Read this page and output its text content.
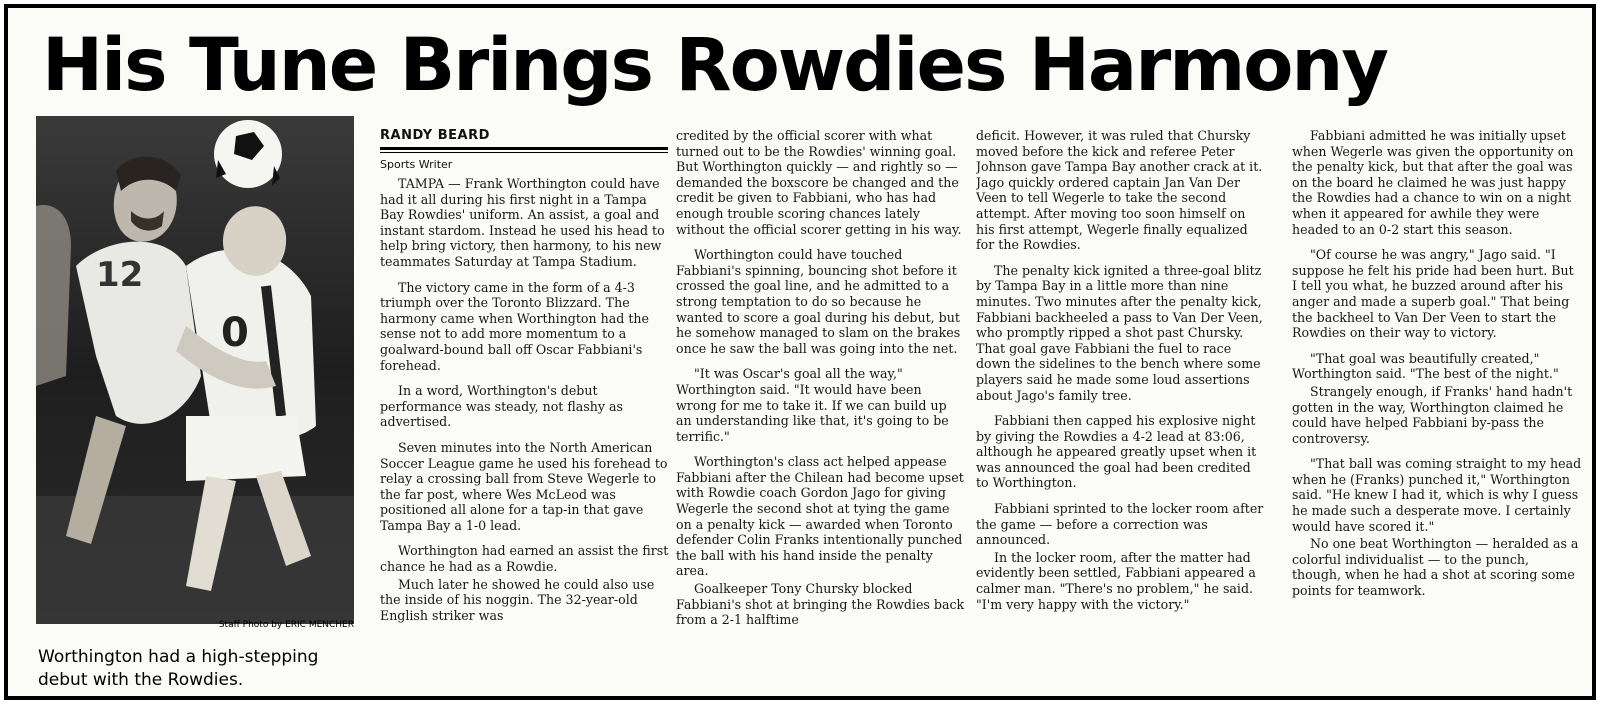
His Tune Brings Rowdies Harmony
0
12
Staff Photo by ERIC MENCHER
Worthington had a high-stepping debut with the Rowdies.
RANDY BEARD
Sports Writer

TAMPA — Frank Worthington could have had it all during his first night in a Tampa Bay Rowdies' uniform. An assist, a goal and instant stardom. Instead he used his head to help bring victory, then harmony, to his new teammates Saturday at Tampa Stadium.

The victory came in the form of a 4-3 triumph over the Toronto Blizzard. The harmony came when Worthington had the sense not to add more momentum to a goalward-bound ball off Oscar Fabbiani's forehead.

In a word, Worthington's debut performance was steady, not flashy as advertised.

Seven minutes into the North American Soccer League game he used his forehead to relay a crossing ball from Steve Wegerle to the far post, where Wes McLeod was positioned all alone for a tap-in that gave Tampa Bay a 1-0 lead.

Worthington had earned an assist the first chance he had as a Rowdie.

Much later he showed he could also use the inside of his noggin. The 32-year-old English striker was

credited by the official scorer with what turned out to be the Rowdies' winning goal. But Worthington quickly — and rightly so — demanded the boxscore be changed and the credit be given to Fabbiani, who has had enough trouble scoring chances lately without the official scorer getting in his way.

Worthington could have touched Fabbiani's spinning, bouncing shot before it crossed the goal line, and he admitted to a strong temptation to do so because he wanted to score a goal during his debut, but he somehow managed to slam on the brakes once he saw the ball was going into the net.

"It was Oscar's goal all the way," Worthington said. "It would have been wrong for me to take it. If we can build up an understanding like that, it's going to be terrific."

Worthington's class act helped appease Fabbiani after the Chilean had become upset with Rowdie coach Gordon Jago for giving Wegerle the second shot at tying the game on a penalty kick — awarded when Toronto defender Colin Franks intentionally punched the ball with his hand inside the penalty area.

Goalkeeper Tony Chursky blocked Fabbiani's shot at bringing the Rowdies back from a 2-1 halftime

deficit. However, it was ruled that Chursky moved before the kick and referee Peter Johnson gave Tampa Bay another crack at it. Jago quickly ordered captain Jan Van Der Veen to tell Wegerle to take the second attempt. After moving too soon himself on his first attempt, Wegerle finally equalized for the Rowdies.

The penalty kick ignited a three-goal blitz by Tampa Bay in a little more than nine minutes. Two minutes after the penalty kick, Fabbiani backheeled a pass to Van Der Veen, who promptly ripped a shot past Chursky. That goal gave Fabbiani the fuel to race down the sidelines to the bench where some players said he made some loud assertions about Jago's family tree.

Fabbiani then capped his explosive night by giving the Rowdies a 4-2 lead at 83:06, although he appeared greatly upset when it was announced the goal had been credited to Worthington.

Fabbiani sprinted to the locker room after the game — before a correction was announced.

In the locker room, after the matter had evidently been settled, Fabbiani appeared a calmer man. "There's no problem," he said. "I'm very happy with the victory."

Fabbiani admitted he was initially upset when Wegerle was given the opportunity on the penalty kick, but that after the goal was on the board he claimed he was just happy the Rowdies had a chance to win on a night when it appeared for awhile they were headed to an 0-2 start this season.

"Of course he was angry," Jago said. "I suppose he felt his pride had been hurt. But I tell you what, he buzzed around after his anger and made a superb goal." That being the backheel to Van Der Veen to start the Rowdies on their way to victory.

"That goal was beautifully created," Worthington said. "The best of the night."

Strangely enough, if Franks' hand hadn't gotten in the way, Worthington claimed he could have helped Fabbiani by-pass the controversy.

"That ball was coming straight to my head when he (Franks) punched it," Worthington said. "He knew I had it, which is why I guess he made such a desperate move. I certainly would have scored it."

No one beat Worthington — heralded as a colorful individualist — to the punch, though, when he had a shot at scoring some points for teamwork.
